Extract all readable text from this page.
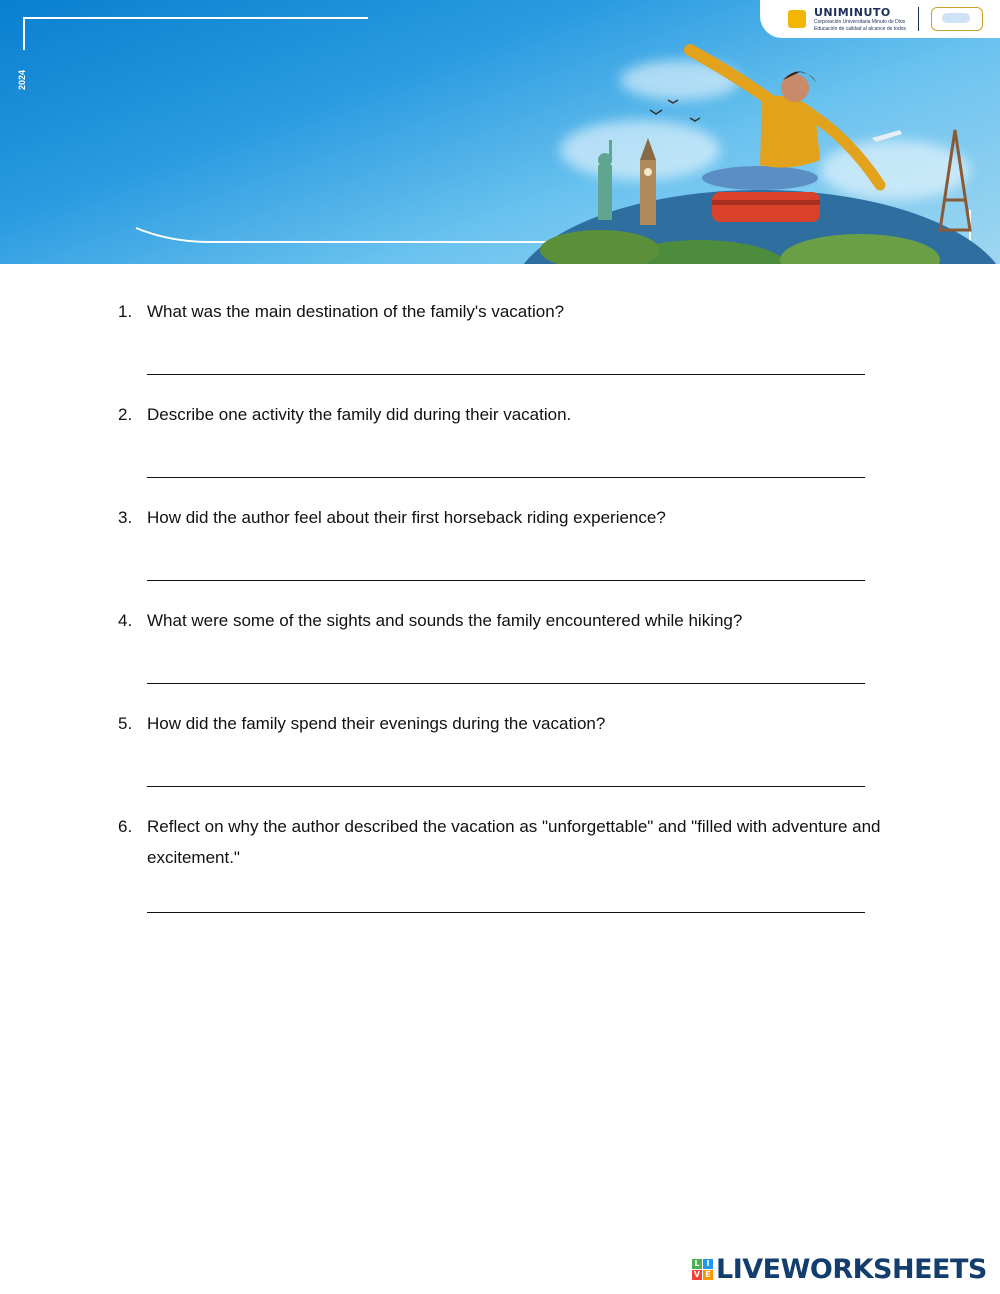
2024
UNIMINUTO
Corporación Universitaria Minuto de Dios
Educación de calidad al alcance de todos
1. What was the main destination of the family's vacation?
2. Describe one activity the family did during their vacation.
3. How did the author feel about their first horseback riding experience?
4. What were some of the sights and sounds the family encountered while hiking?
5. How did the family spend their evenings during the vacation?
6. Reflect on why the author described the vacation as "unforgettable" and "filled with adventure and excitement."
L I
V E LIVEWORKSHEETS
